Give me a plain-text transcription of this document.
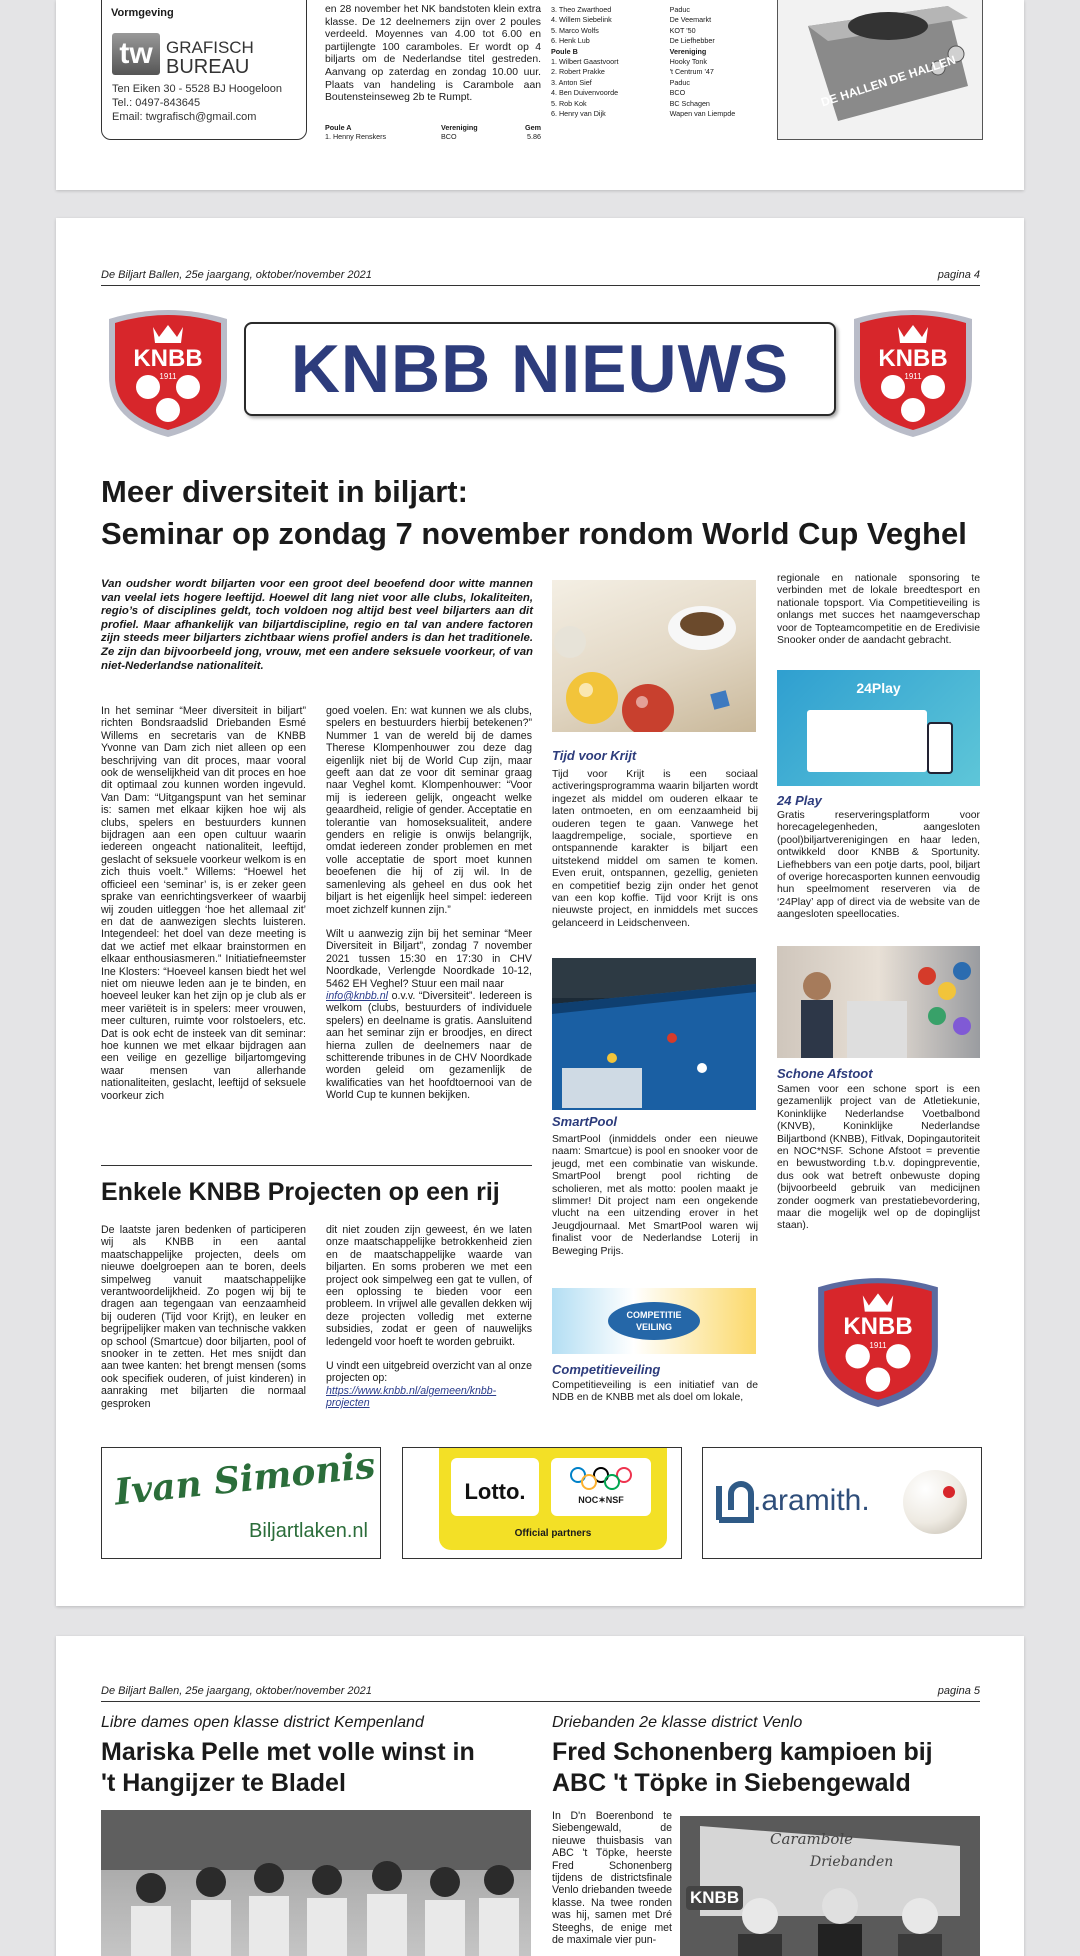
Vormgeving
tw GRAFISCH
BUREAU
Ten Eiken 30 - 5528 BJ Hoogeloon
Tel.: 0497-843645
Email: twgrafisch@gmail.com
en 28 november het NK bandstoten klein extra klasse. De 12 deelnemers zijn over 2 poules verdeeld. Moyennes van 4.00 tot 6.00 en partijlengte 100 caramboles. Er wordt op 4 biljarts om de Nederlandse titel gestreden. Aanvang op zaterdag en zondag 10.00 uur. Plaats van handeling is Carambole aan Boutensteinseweg 2b te Rumpt.
Poule A	Vereniging	Gem
1. Henny Renskers	BCO	5.86
3. Theo Zwarthoed	Paduc	
4. Willem Siebelink	De Veemarkt	
5. Marco Wolfs	KOT '50	
6. Henk Lub	De Liefhebber	
Poule B	Vereniging	
1. Wilbert Gaastvoort	Hooky Tonk	
2. Robert Prakke	't Centrum '47	
3. Anton Sief	Paduc	
4. Ben Duivenvoorde	BCO	
5. Rob Kok	BC Schagen	
6. Henry van Dijk	Wapen van Liempde	
DE HALLEN DE HALLEN
De Biljart Ballen, 25e jaargang, oktober/november 2021	pagina 4
KNBB
1911
KNBB
1911
KNBB NIEUWS
Meer diversiteit in biljart:
Seminar op zondag 7 november rondom World Cup Veghel
Van oudsher wordt biljarten voor een groot deel beoefend door witte mannen van veelal iets hogere leeftijd. Hoewel dit lang niet voor alle clubs, lokaliteiten, regio’s of disciplines geldt, toch voldoen nog altijd best veel biljarters aan dit profiel. Maar afhankelijk van biljartdiscipline, regio en tal van andere factoren zijn steeds meer biljarters zichtbaar wiens profiel anders is dan het traditionele. Ze zijn dan bijvoorbeeld jong, vrouw, met een andere seksuele voorkeur, of van niet-Nederlandse nationaliteit.
In het seminar “Meer diversiteit in biljart” richten Bondsraadslid Driebanden Esmé Willems en secretaris van de KNBB Yvonne van Dam zich niet alleen op een beschrijving van dit proces, maar vooral ook de wenselijkheid van dit proces en hoe dit optimaal zou kunnen worden ingevuld. Van Dam: “Uitgangspunt van het seminar is: samen met elkaar kijken hoe wij als clubs, spelers en bestuurders kunnen bijdragen aan een open cultuur waarin iedereen ongeacht nationaliteit, leeftijd, geslacht of seksuele voorkeur welkom is en zich thuis voelt.” Willems: “Hoewel het officieel een ‘seminar’ is, is er zeker geen sprake van eenrichtingsverkeer of waarbij wij zouden uitleggen ‘hoe het allemaal zit’ en dat de aanwezigen slechts luisteren. Integendeel: het doel van deze meeting is dat we actief met elkaar brainstormen en elkaar enthousiasmeren.” Initiatiefneemster Ine Klosters: “Hoeveel kansen biedt het wel niet om nieuwe leden aan je te binden, en hoeveel leuker kan het zijn op je club als er meer variëteit is in spelers: meer vrouwen, meer culturen, ruimte voor rolstoelers, etc. Dat is ook echt de insteek van dit seminar: hoe kunnen we met elkaar bijdragen aan een veilige en gezellige biljartomgeving waar mensen van allerhande nationaliteiten, geslacht, leeftijd of seksuele voorkeur zich
goed voelen. En: wat kunnen we als clubs, spelers en bestuurders hierbij betekenen?” Nummer 1 van de wereld bij de dames Therese Klompenhouwer zou deze dag eigenlijk niet bij de World Cup zijn, maar geeft aan dat ze voor dit seminar graag naar Veghel komt. Klompenhouwer: “Voor mij is iedereen gelijk, ongeacht welke geaardheid, religie of gender. Acceptatie en tolerantie van homoseksualiteit, andere genders en religie is onwijs belangrijk, omdat iedereen zonder problemen en met volle acceptatie de sport moet kunnen beoefenen die hij of zij wil. In de samenleving als geheel en dus ook het biljart is het eigenlijk heel simpel: iedereen moet zichzelf kunnen zijn.”
Wilt u aanwezig zijn bij het seminar “Meer Diversiteit in Biljart”, zondag 7 november 2021 tussen 15:30 en 17:30 in CHV Noordkade, Verlengde Noordkade 10-12, 5462 EH Veghel? Stuur een mail naar
info@knbb.nl o.v.v. “Diversiteit”. Iedereen is welkom (clubs, bestuurders of individuele spelers) en deelname is gratis. Aansluitend aan het seminar zijn er broodjes, en direct hierna zullen de deelnemers naar de schitterende tribunes in de CHV Noordkade worden geleid om gezamenlijk de kwalificaties van het hoofdtoernooi van de World Cup te kunnen bekijken.
Enkele KNBB Projecten op een rij
De laatste jaren bedenken of participeren wij als KNBB in een aantal maatschappelijke projecten, deels om nieuwe doelgroepen aan te boren, deels simpelweg vanuit maatschappelijke verantwoordelijkheid. Zo pogen wij bij te dragen aan tegengaan van eenzaamheid bij ouderen (Tijd voor Krijt), en leuker en begrijpelijker maken van technische vakken op school (Smartcue) door biljarten, pool of snooker in te zetten. Het mes snijdt dan aan twee kanten: het brengt mensen (soms ook specifiek ouderen, of juist kinderen) in aanraking met biljarten die normaal gesproken
dit niet zouden zijn geweest, én we laten onze maatschappelijke betrokkenheid zien en de maatschappelijke waarde van biljarten. En soms proberen we met een project ook simpelweg een gat te vullen, of een oplossing te bieden voor een probleem. In vrijwel alle gevallen dekken wij deze projecten volledig met externe subsidies, zodat er geen of nauwelijks ledengeld voor hoeft te worden gebruikt.
U vindt een uitgebreid overzicht van al onze projecten op:
https://www.knbb.nl/algemeen/knbb-projecten
Tijd voor Krijt
Tijd voor Krijt is een sociaal activeringsprogramma waarin biljarten wordt ingezet als middel om ouderen elkaar te laten ontmoeten, en om eenzaamheid bij ouderen tegen te gaan. Vanwege het laagdrempelige, sociale, sportieve en ontspannende karakter is biljart een uitstekend middel om samen te komen. Even eruit, ontspannen, gezellig, genieten en competitief bezig zijn onder het genot van een kop koffie. Tijd voor Krijt is ons nieuwste project, en inmiddels met succes gelanceerd in Leidschenveen.
SmartPool
SmartPool (inmiddels onder een nieuwe naam: Smartcue) is pool en snooker voor de jeugd, met een combinatie van wiskunde. SmartPool brengt pool richting de scholieren, met als motto: poolen maakt je slimmer! Dit project nam een ongekende vlucht na een uitzending erover in het Jeugdjournaal. Met SmartPool waren wij finalist voor de Nederlandse Loterij in Beweging Prijs.
COMPETITIE
VEILING
Competitieveiling
Competitieveiling is een initiatief van de NDB en de KNBB met als doel om lokale,
regionale en nationale sponsoring te verbinden met de lokale breedtesport en nationale topsport. Via Competitieveiling is onlangs met succes het naamgeverschap voor de Topteamcompetitie en de Eredivisie Snooker onder de aandacht gebracht.
24Play
24 Play
Gratis reserveringsplatform voor horecagelegenheden, aangesloten (pool)biljartverenigingen en haar leden, ontwikkeld door KNBB & Sportunity. Liefhebbers van een potje darts, pool, biljart of overige horecasporten kunnen eenvoudig hun speelmoment reserveren via de ‘24Play’ app of direct via de website van de aangesloten speellocaties.
Schone Afstoot
Samen voor een schone sport is een gezamenlijk project van de Atletiekunie, Koninklijke Nederlandse Voetbalbond (KNVB), Koninklijke Nederlandse Biljartbond (KNBB), Fitlvak, Dopingautoriteit en NOC*NSF. Schone Afstoot = preventie en bewustwording t.b.v. dopingpreventie, dus ook wat betreft onbewuste doping (bijvoorbeeld gebruik van medicijnen zonder oogmerk van prestatiebevordering, maar die mogelijk wel op de dopinglijst staan).
KNBB
1911
Ivan Simonis
Biljartlaken.nl
Lotto.	NOC✶NSF
Official partners
.aramith.
De Biljart Ballen, 25e jaargang, oktober/november 2021	pagina 5
Libre dames open klasse district Kempenland
Mariska Pelle met volle winst in
't Hangijzer te Bladel
Driebanden 2e klasse district Venlo
Fred Schonenberg kampioen bij
ABC 't Töpke in Siebengewald
In D'n Boerenbond te Siebengewald, de nieuwe thuisbasis van ABC 't Töpke, heerste Fred Schonenberg tijdens de districtsfinale Venlo driebanden tweede klasse. Na twee ronden was hij, samen met Dré Steeghs, de enige met de maximale vier pun-
Carambole
Driebanden
KNBB
